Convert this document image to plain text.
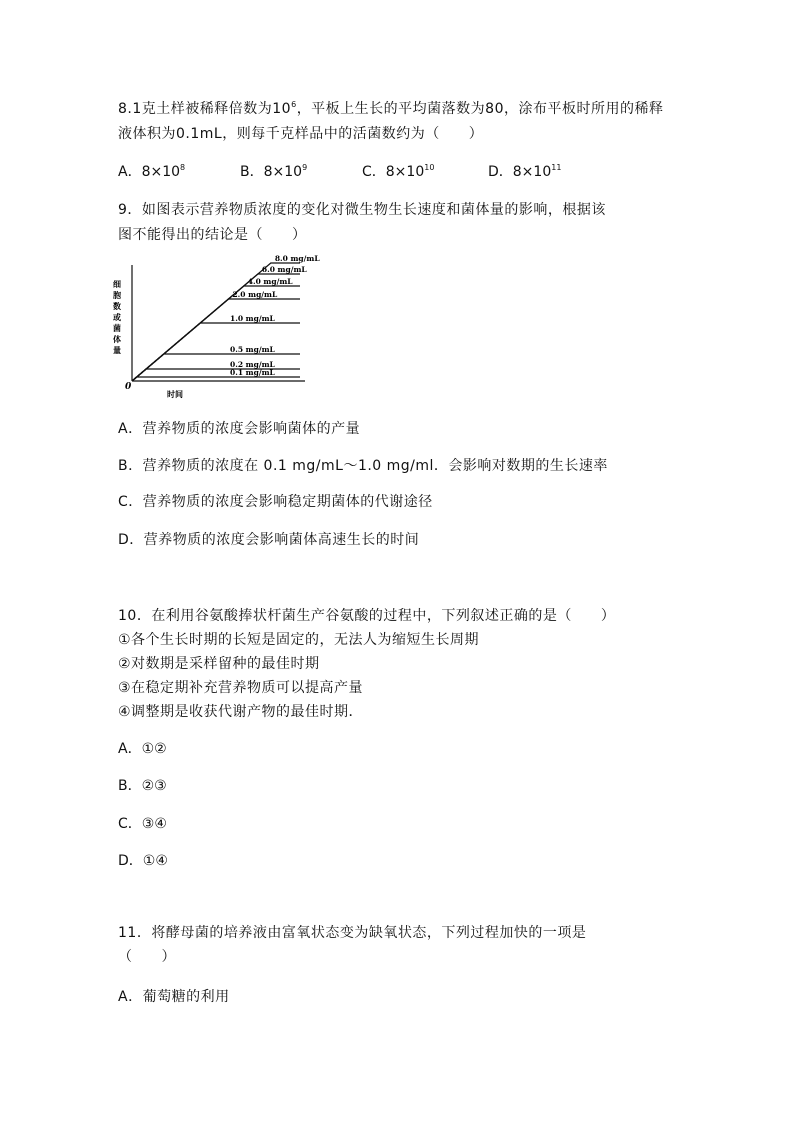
8.1克土样被稀释倍数为$10^6$，平板上生长的平均菌落数为80，涂布平板时所用的稀释
液体积为0.1mL，则每千克样品中的活菌数约为（　　）
A．$8\times 10^8$	B．$8\times 10^9$	C．$8\times 10^{10}$	D．$8\times 10^{11}$
9．如图表示营养物质浓度的变化对微生物生长速度和菌体量的影响，根据该
图不能得出的结论是（　　）
0
时间
细
胞
数
或
菌
体
量
8.0 mg/mL
6.0 mg/mL
4.0 mg/mL
2.0 mg/mL
1.0 mg/mL
0.5 mg/mL
0.2 mg/mL
0.1 mg/mL
A．营养物质的浓度会影响菌体的产量
B．营养物质的浓度在 0.1 mg/mL～1.0 mg/ml．会影响对数期的生长速率
C．营养物质的浓度会影响稳定期菌体的代谢途径
D．营养物质的浓度会影响菌体高速生长的时间
10．在利用谷氨酸捧状杆菌生产谷氨酸的过程中，下列叙述正确的是（　　）
①各个生长时期的长短是固定的，无法人为缩短生长周期
②对数期是采样留种的最佳时期
③在稳定期补充营养物质可以提高产量
④调整期是收获代谢产物的最佳时期．
A．①②
B．②③
C．③④
D．①④
11．将酵母菌的培养液由富氧状态变为缺氧状态，下列过程加快的一项是
（　　）
A．葡萄糖的利用
